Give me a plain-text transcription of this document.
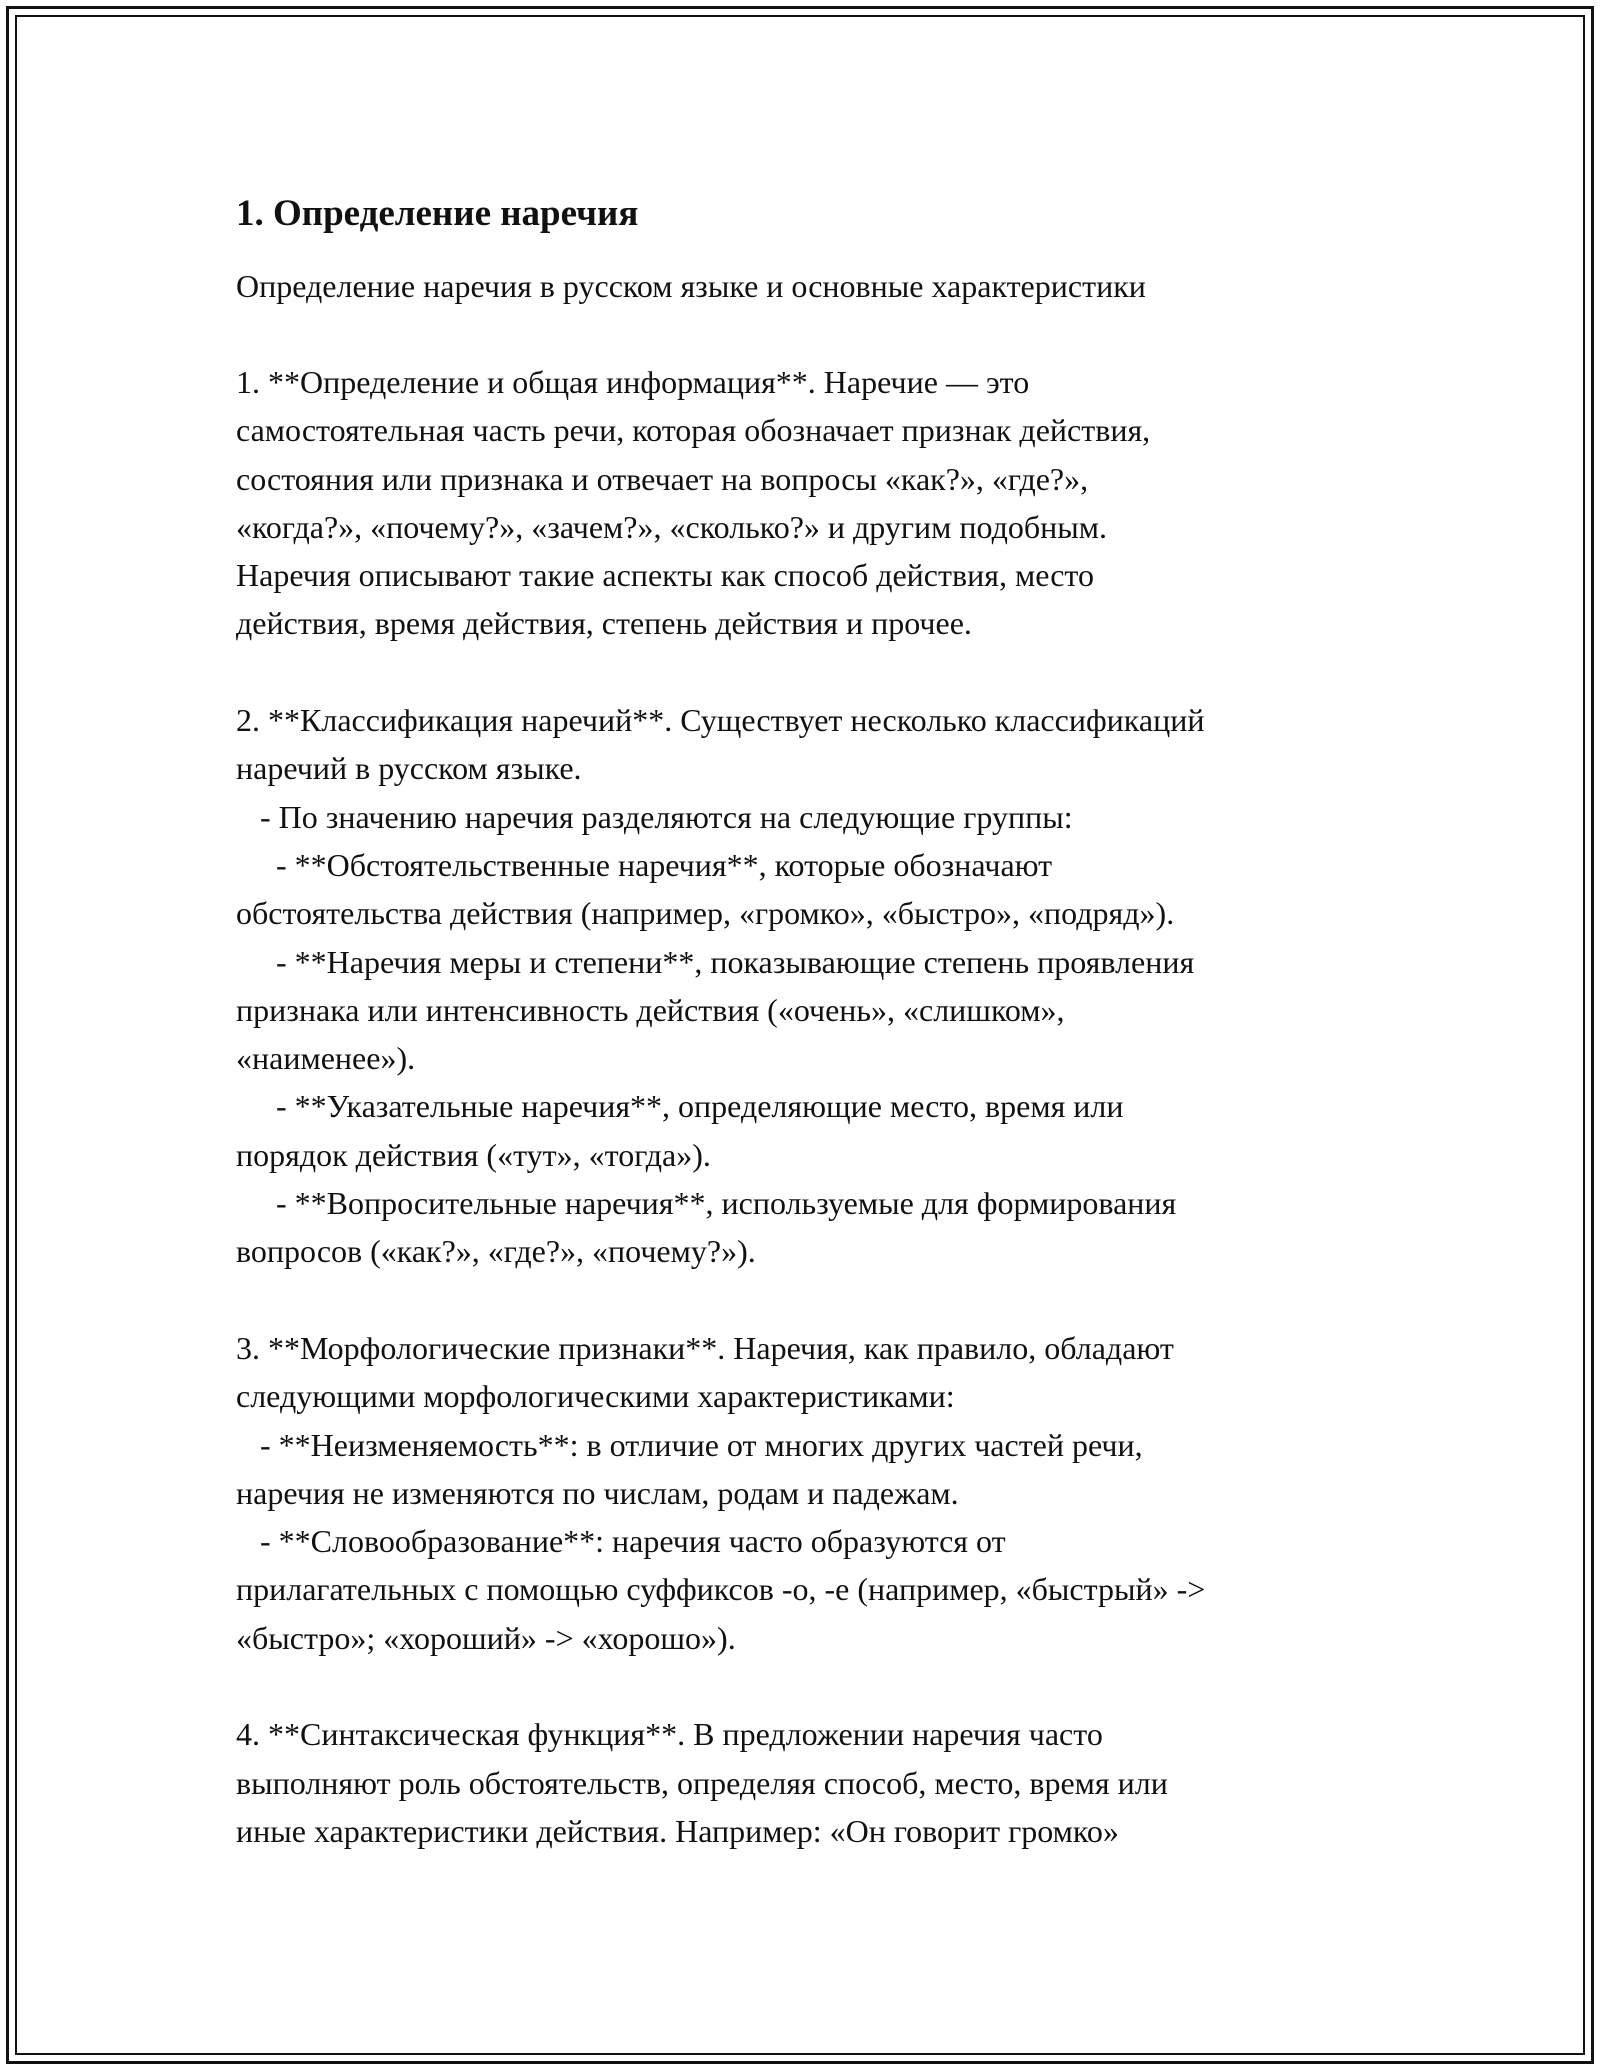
1. Определение наречия

Определение наречия в русском языке и основные характеристики

1. **Определение и общая информация**. Наречие — это
самостоятельная часть речи, которая обозначает признак действия,
состояния или признака и отвечает на вопросы «как?», «где?»,
«когда?», «почему?», «зачем?», «сколько?» и другим подобным.
Наречия описывают такие аспекты как способ действия, место
действия, время действия, степень действия и прочее.

2. **Классификация наречий**. Существует несколько классификаций
наречий в русском языке.
- По значению наречия разделяются на следующие группы:
- **Обстоятельственные наречия**, которые обозначают
обстоятельства действия (например, «громко», «быстро», «подряд»).
- **Наречия меры и степени**, показывающие степень проявления
признака или интенсивность действия («очень», «слишком»,
«наименее»).
- **Указательные наречия**, определяющие место, время или
порядок действия («тут», «тогда»).
- **Вопросительные наречия**, используемые для формирования
вопросов («как?», «где?», «почему?»).

3. **Морфологические признаки**. Наречия, как правило, обладают
следующими морфологическими характеристиками:
- **Неизменяемость**: в отличие от многих других частей речи,
наречия не изменяются по числам, родам и падежам.
- **Словообразование**: наречия часто образуются от
прилагательных с помощью суффиксов -о, -е (например, «быстрый» ->
«быстро»; «хороший» -> «хорошо»).

4. **Синтаксическая функция**. В предложении наречия часто
выполняют роль обстоятельств, определяя способ, место, время или
иные характеристики действия. Например: «Он говорит громко»
